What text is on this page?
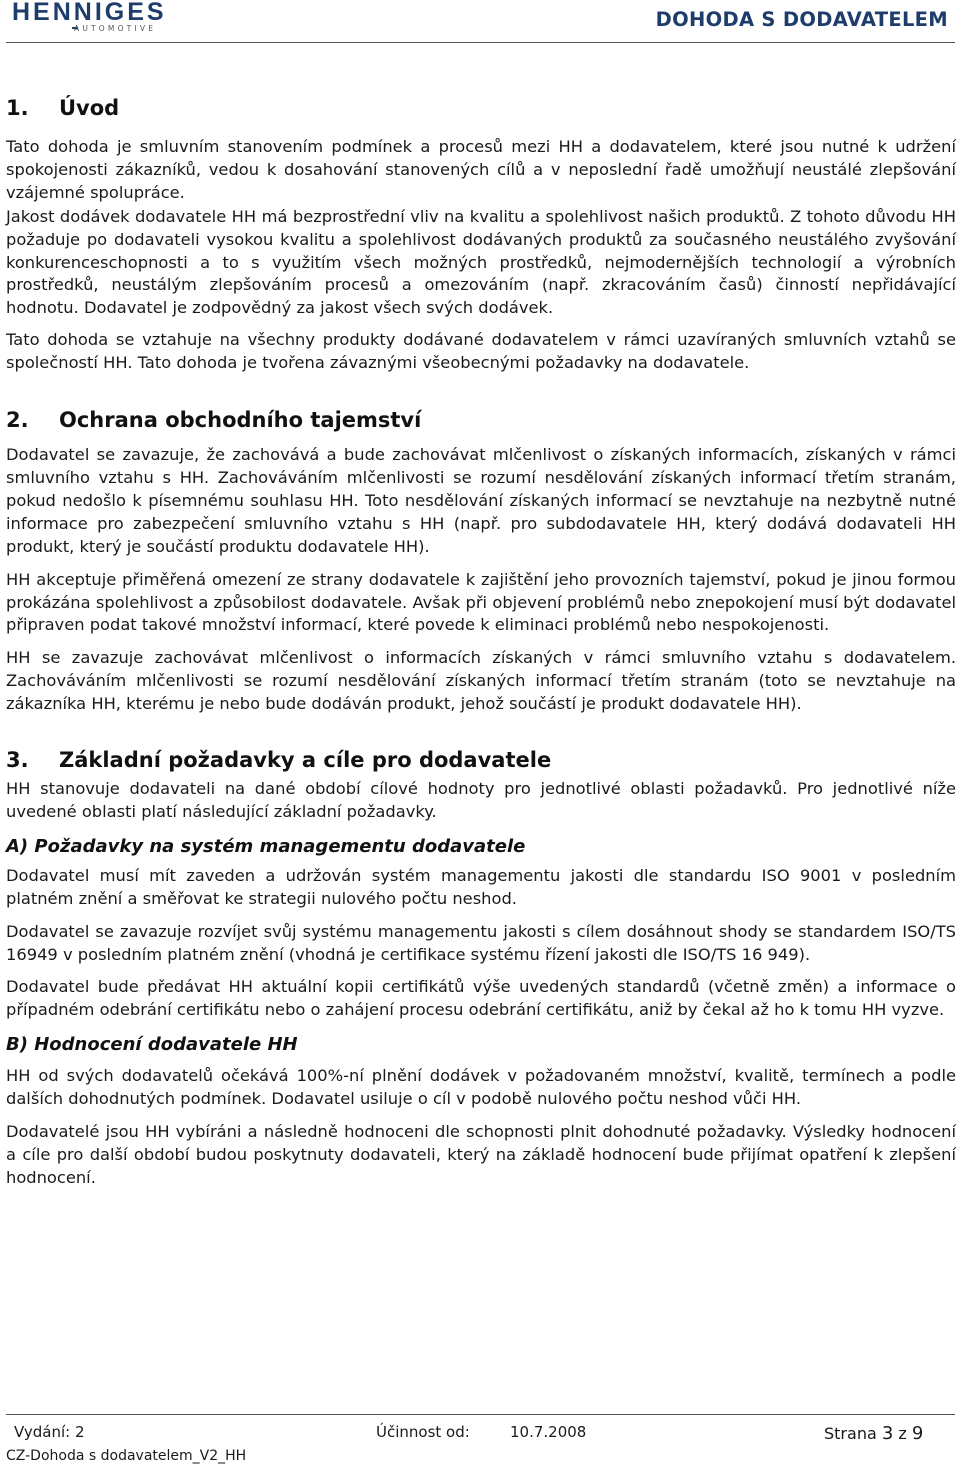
HENNIGES
AUTOMOTIVE	DOHODA S DODAVATELEM
1. Úvod

Tato dohoda je smluvním stanovením podmínek a procesů mezi HH a dodavatelem, které jsou nutné k udržení spokojenosti zákazníků, vedou k dosahování stanovených cílů a v neposlední řadě umožňují neustálé zlepšování vzájemné spolupráce.

Jakost dodávek dodavatele HH má bezprostřední vliv na kvalitu a spolehlivost našich produktů. Z tohoto důvodu HH požaduje po dodavateli vysokou kvalitu a spolehlivost dodávaných produktů za současného neustálého zvyšování konkurenceschopnosti a to s využitím všech možných prostředků, nejmodernějších technologií a výrobních prostředků, neustálým zlepšováním procesů a omezováním (např. zkracováním časů) činností nepřidávající hodnotu. Dodavatel je zodpovědný za jakost všech svých dodávek.

Tato dohoda se vztahuje na všechny produkty dodávané dodavatelem v rámci uzavíraných smluvních vztahů se společností HH. Tato dohoda je tvořena závaznými všeobecnými požadavky na dodavatele.

2. Ochrana obchodního tajemství

Dodavatel se zavazuje, že zachovává a bude zachovávat mlčenlivost o získaných informacích, získaných v rámci smluvního vztahu s HH. Zachováváním mlčenlivosti se rozumí nesdělování získaných informací třetím stranám, pokud nedošlo k písemnému souhlasu HH. Toto nesdělování získaných informací se nevztahuje na nezbytně nutné informace pro zabezpečení smluvního vztahu s HH (např. pro subdodavatele HH, který dodává dodavateli HH produkt, který je součástí produktu dodavatele HH).

HH akceptuje přiměřená omezení ze strany dodavatele k zajištění jeho provozních tajemství, pokud je jinou formou prokázána spolehlivost a způsobilost dodavatele. Avšak při objevení problémů nebo znepokojení musí být dodavatel připraven podat takové množství informací, které povede k eliminaci problémů nebo nespokojenosti.

HH se zavazuje zachovávat mlčenlivost o informacích získaných v rámci smluvního vztahu s dodavatelem. Zachováváním mlčenlivosti se rozumí nesdělování získaných informací třetím stranám (toto se nevztahuje na zákazníka HH, kterému je nebo bude dodáván produkt, jehož součástí je produkt dodavatele HH).

3. Základní požadavky a cíle pro dodavatele

HH stanovuje dodavateli na dané období cílové hodnoty pro jednotlivé oblasti požadavků. Pro jednotlivé níže uvedené oblasti platí následující základní požadavky.

A) Požadavky na systém managementu dodavatele

Dodavatel musí mít zaveden a udržován systém managementu jakosti dle standardu ISO 9001 v posledním platném znění a směřovat ke strategii nulového počtu neshod.

Dodavatel se zavazuje rozvíjet svůj systému managementu jakosti s cílem dosáhnout shody se standardem ISO/TS 16949 v posledním platném znění (vhodná je certifikace systému řízení jakosti dle ISO/TS 16 949).

Dodavatel bude předávat HH aktuální kopii certifikátů výše uvedených standardů (včetně změn) a informace o případném odebrání certifikátu nebo o zahájení procesu odebrání certifikátu, aniž by čekal až ho k tomu HH vyzve.

B) Hodnocení dodavatele HH

HH od svých dodavatelů očekává 100%-ní plnění dodávek v požadovaném množství, kvalitě, termínech a podle dalších dohodnutých podmínek. Dodavatel usiluje o cíl v podobě nulového počtu neshod vůči HH.

Dodavatelé jsou HH vybíráni a následně hodnoceni dle schopnosti plnit dohodnuté požadavky. Výsledky hodnocení a cíle pro další období budou poskytnuty dodavateli, který na základě hodnocení bude přijímat opatření k zlepšení hodnocení.

Vydání: 2	Účinnost od:	10.7.2008	Strana 3 z 9
CZ-Dohoda s dodavatelem_V2_HH
